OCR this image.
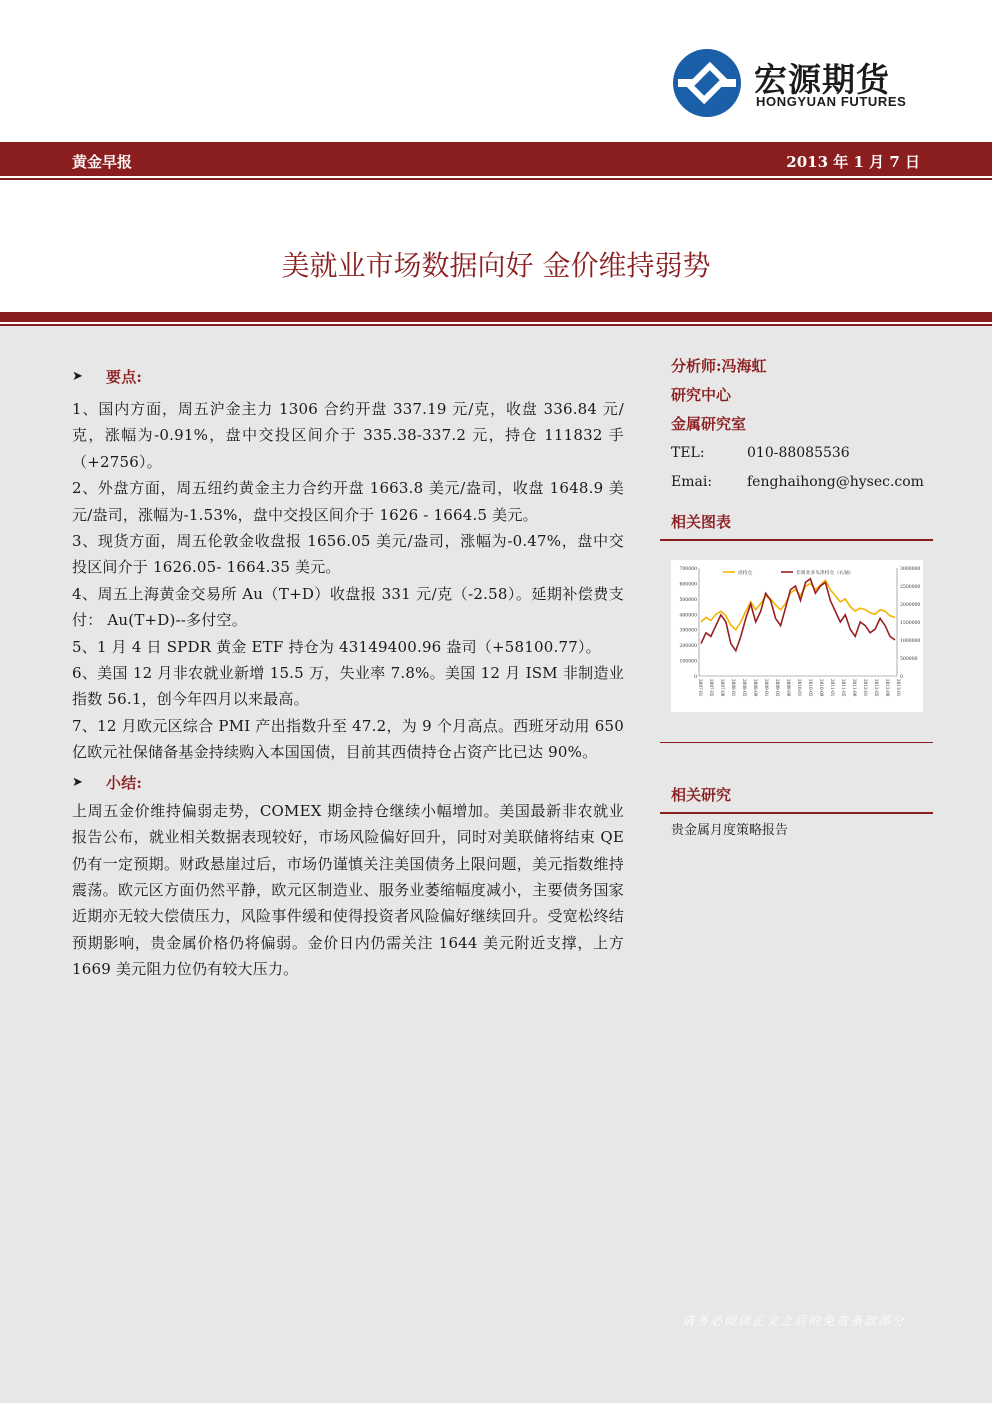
宏源期货
HONGYUAN FUTURES
黄金早报	2013 年 1 月 7 日
美就业市场数据向好 金价维持弱势
➤ 要点:

1、国内方面，周五沪金主力 1306 合约开盘 337.19 元/克，收盘 336.84 元/克，涨幅为-0.91%，盘中交投区间介于 335.38-337.2 元，持仓 111832 手（+2756）。

2、外盘方面，周五纽约黄金主力合约开盘 1663.8 美元/盎司，收盘 1648.9 美元/盎司，涨幅为-1.53%，盘中交投区间介于 1626 - 1664.5 美元。

3、现货方面，周五伦敦金收盘报 1656.05 美元/盎司，涨幅为-0.47%，盘中交投区间介于 1626.05- 1664.35 美元。

4、周五上海黄金交易所 Au（T+D）收盘报 331 元/克（-2.58）。延期补偿费支付： Au(T+D)--多付空。

5、1 月 4 日 SPDR 黄金 ETF 持仓为 43149400.96 盎司（+58100.77）。

6、美国 12 月非农就业新增 15.5 万，失业率 7.8%。美国 12 月 ISM 非制造业指数 56.1，创今年四月以来最高。

7、12 月欧元区综合 PMI 产出指数升至 47.2，为 9 个月高点。西班牙动用 650 亿欧元社保储备基金持续购入本国国债，目前其西债持仓占资产比已达 90%。

➤ 小结:

上周五金价维持偏弱走势，COMEX 期金持仓继续小幅增加。美国最新非农就业报告公布，就业相关数据表现较好，市场风险偏好回升，同时对美联储将结束 QE 仍有一定预期。财政悬崖过后，市场仍谨慎关注美国债务上限问题，美元指数维持震荡。欧元区方面仍然平静，欧元区制造业、服务业萎缩幅度减小，主要债务国家近期亦无较大偿债压力，风险事件缓和使得投资者风险偏好继续回升。受宽松终结预期影响，贵金属价格仍将偏弱。金价日内仍需关注 1644 美元附近支撑，上方 1669 美元阻力位仍有较大压力。

分析师:冯海虹
研究中心
金属研究室
TEL:	010-88085536
Emai: fenghaihong@hysec.com
相关图表
700000
600000
500000
400000
300000
200000
100000
0
3000000
2500000
2000000
1500000
1000000
500000
0
2007-01 2007-05 2007-09 2008-01 2008-05 2008-09 2009-01 2009-05 2009-09 2010-01 2010-05 2010-09 2011-01 2011-05 2011-09 2012-01 2012-05 2012-09 2013-01
沿持仓	非商业多头净持仓（右轴）
相关研究
贵金属月度策略报告
请务必阅读正文之后的免责条款部分
